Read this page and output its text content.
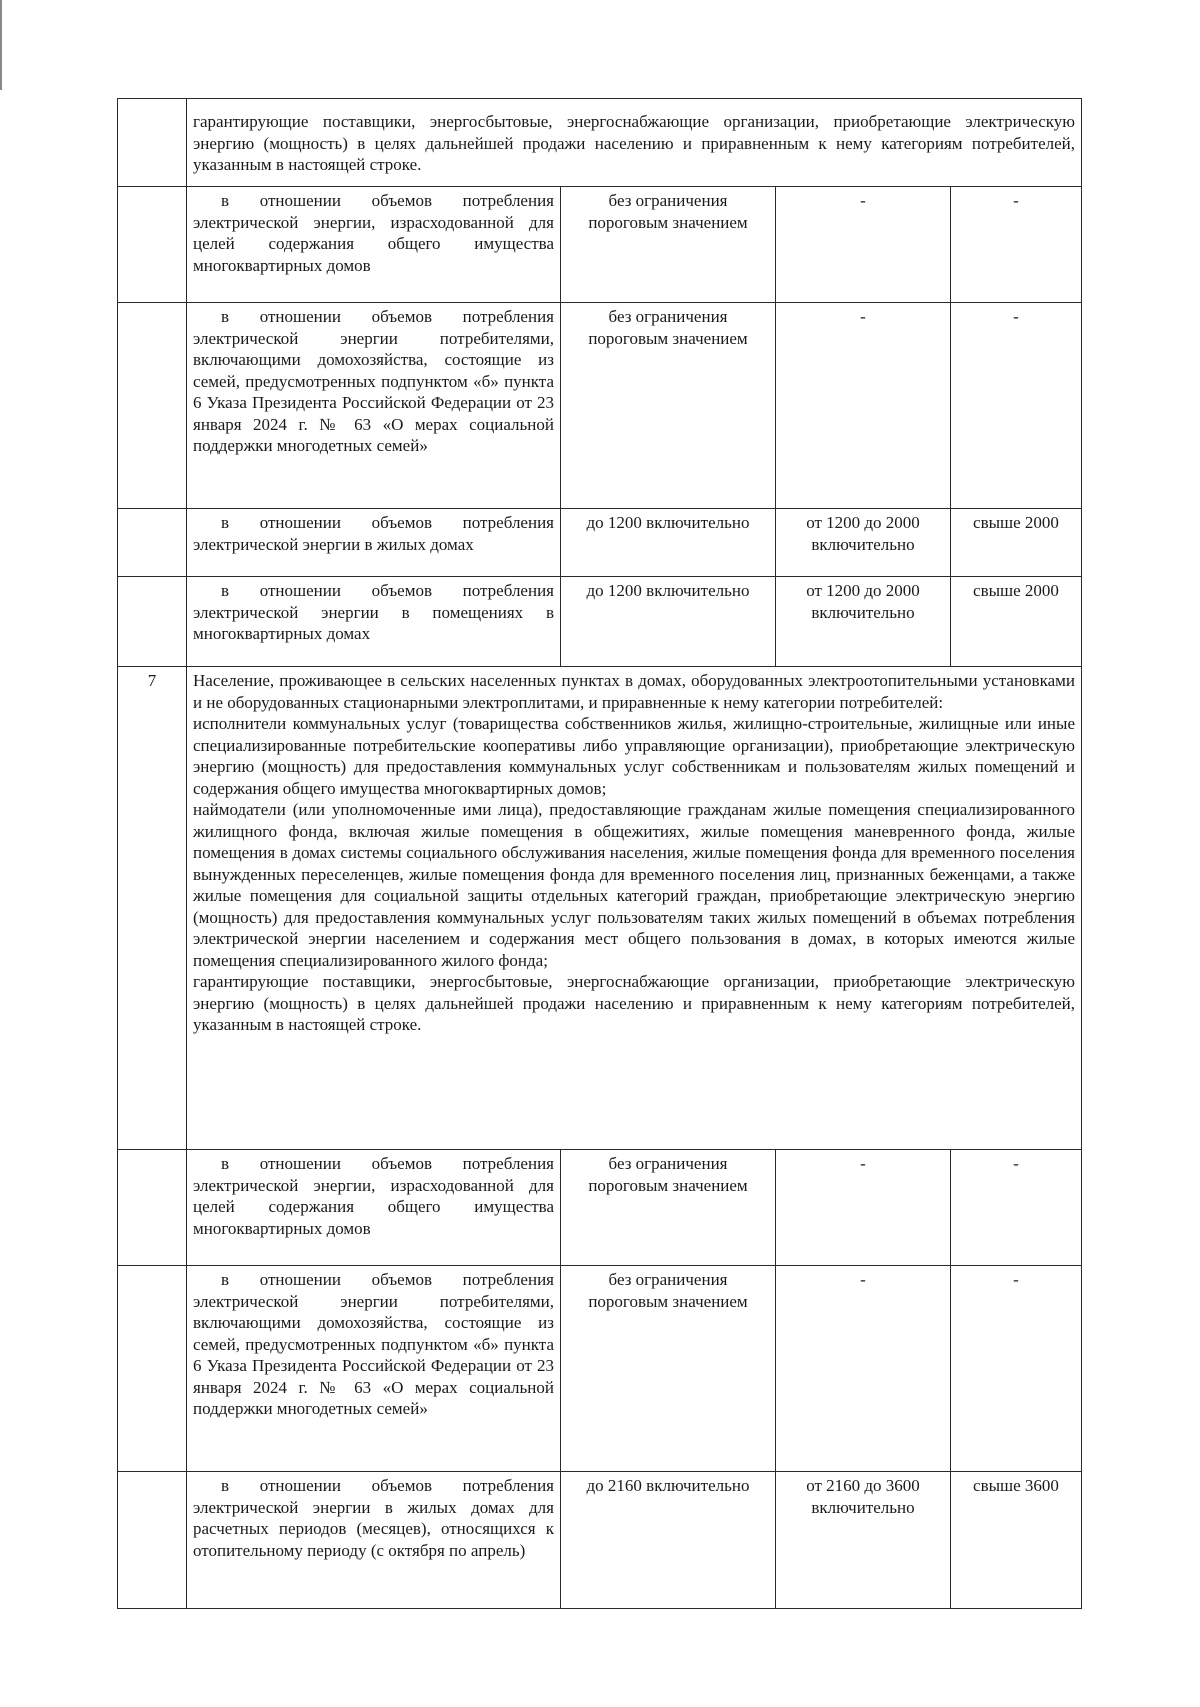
	гарантирующие поставщики, энергосбытовые, энергоснабжающие организации, приобретающие электрическую энергию (мощность) в целях дальнейшей продажи населению и приравненным к нему категориям потребителей, указанным в настоящей строке.			
	в отношении объемов потребления электрической энергии, израсходованной для целей содержания общего имущества многоквартирных домов	без ограничения пороговым значением	-	-
	в отношении объемов потребления электрической энергии потребителями, включающими домохозяйства, состоящие из семей, предусмотренных подпунктом «б» пункта 6 Указа Президента Российской Федерации от 23 января 2024 г. № 63 «О мерах социальной поддержки многодетных семей»	без ограничения пороговым значением	-	-
	в отношении объемов потребления электрической энергии в жилых домах	до 1200 включительно	от 1200 до 2000 включительно	свыше 2000
	в отношении объемов потребления электрической энергии в помещениях в многоквартирных домах	до 1200 включительно	от 1200 до 2000 включительно	свыше 2000
7	Население, проживающее в сельских населенных пунктах в домах, оборудованных электроотопительными установками и не оборудованных стационарными электроплитами, и приравненные к нему категории потребителей:
исполнители коммунальных услуг (товарищества собственников жилья, жилищно-строительные, жилищные или иные специализированные потребительские кооперативы либо управляющие организации), приобретающие электрическую энергию (мощность) для предоставления коммунальных услуг собственникам и пользователям жилых помещений и содержания общего имущества многоквартирных домов;
наймодатели (или уполномоченные ими лица), предоставляющие гражданам жилые помещения специализированного жилищного фонда, включая жилые помещения в общежитиях, жилые помещения маневренного фонда, жилые помещения в домах системы социального обслуживания населения, жилые помещения фонда для временного поселения вынужденных переселенцев, жилые помещения фонда для временного поселения лиц, признанных беженцами, а также жилые помещения для социальной защиты отдельных категорий граждан, приобретающие электрическую энергию (мощность) для предоставления коммунальных услуг пользователям таких жилых помещений в объемах потребления электрической энергии населением и содержания мест общего пользования в домах, в которых имеются жилые помещения специализированного жилого фонда;
гарантирующие поставщики, энергосбытовые, энергоснабжающие организации, приобретающие электрическую энергию (мощность) в целях дальнейшей продажи населению и приравненным к нему категориям потребителей, указанным в настоящей строке.			

	в отношении объемов потребления электрической энергии, израсходованной для целей содержания общего имущества многоквартирных домов	без ограничения пороговым значением	-	-
	в отношении объемов потребления электрической энергии потребителями, включающими домохозяйства, состоящие из семей, предусмотренных подпунктом «б» пункта 6 Указа Президента Российской Федерации от 23 января 2024 г. № 63 «О мерах социальной поддержки многодетных семей»	без ограничения пороговым значением	-	-
	в отношении объемов потребления электрической энергии в жилых домах для расчетных периодов (месяцев), относящихся к отопительному периоду (с октября по апрель)	до 2160 включительно	от 2160 до 3600 включительно	свыше 3600
